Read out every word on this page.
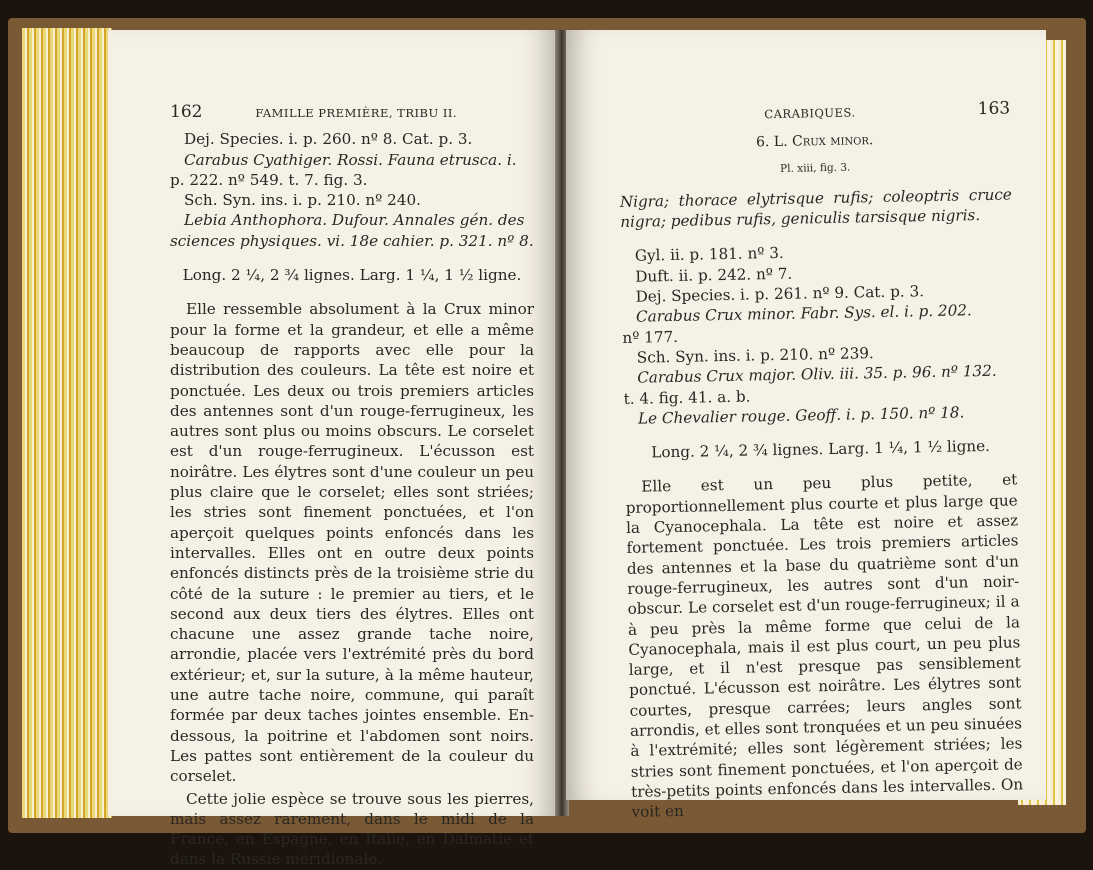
162	FAMILLE PREMIÈRE, TRIBU II.

Dej. Species. i. p. 260. nº 8. Cat. p. 3.

Carabus Cyathiger. Rossi. Fauna etrusca. i.

p. 222. nº 549. t. 7. fig. 3.

Sch. Syn. ins. i. p. 210. nº 240.

Lebia Anthophora. Dufour. Annales gén. des

sciences physiques. vi. 18e cahier. p. 321. nº 8.

Long. 2 ¼, 2 ¾ lignes. Larg. 1 ¼, 1 ½ ligne.

Elle ressemble absolument à la Crux minor pour la forme et la grandeur, et elle a même beaucoup de rapports avec elle pour la distribution des couleurs. La tête est noire et ponctuée. Les deux ou trois premiers articles des antennes sont d'un rouge-ferrugineux, les autres sont plus ou moins obscurs. Le corselet est d'un rouge-ferrugineux. L'écusson est noirâtre. Les élytres sont d'une couleur un peu plus claire que le corselet; elles sont striées; les stries sont finement ponctuées, et l'on aperçoit quelques points enfoncés dans les intervalles. Elles ont en outre deux points enfoncés distincts près de la troisième strie du côté de la suture : le premier au tiers, et le second aux deux tiers des élytres. Elles ont chacune une assez grande tache noire, arrondie, placée vers l'extrémité près du bord extérieur; et, sur la suture, à la même hauteur, une autre tache noire, commune, qui paraît formée par deux taches jointes ensemble. En-dessous, la poitrine et l'abdomen sont noirs. Les pattes sont entièrement de la couleur du corselet.

Cette jolie espèce se trouve sous les pierres, mais assez rarement, dans le midi de la France, en Espagne, en Italie, en Dalmatie et dans la Russie méridionale.

CARABIQUES.	163

6. L. Crux minor.

Pl. xiii, fig. 3.

Nigra; thorace elytrisque rufis; coleoptris cruce nigra; pedibus rufis, geniculis tarsisque nigris.

Gyl. ii. p. 181. nº 3.

Duft. ii. p. 242. nº 7.

Dej. Species. i. p. 261. nº 9. Cat. p. 3.

Carabus Crux minor. Fabr. Sys. el. i. p. 202.

nº 177.

Sch. Syn. ins. i. p. 210. nº 239.

Carabus Crux major. Oliv. iii. 35. p. 96. nº 132.

t. 4. fig. 41. a. b.

Le Chevalier rouge. Geoff. i. p. 150. nº 18.

Long. 2 ¼, 2 ¾ lignes. Larg. 1 ¼, 1 ½ ligne.

Elle est un peu plus petite, et proportionnellement plus courte et plus large que la Cyanocephala. La tête est noire et assez fortement ponctuée. Les trois premiers articles des antennes et la base du quatrième sont d'un rouge-ferrugineux, les autres sont d'un noir-obscur. Le corselet est d'un rouge-ferrugineux; il a à peu près la même forme que celui de la Cyanocephala, mais il est plus court, un peu plus large, et il n'est presque pas sensiblement ponctué. L'écusson est noirâtre. Les élytres sont courtes, presque carrées; leurs angles sont arrondis, et elles sont tronquées et un peu sinuées à l'extrémité; elles sont légèrement striées; les stries sont finement ponctuées, et l'on aperçoit de très-petits points enfoncés dans les intervalles. On voit en
